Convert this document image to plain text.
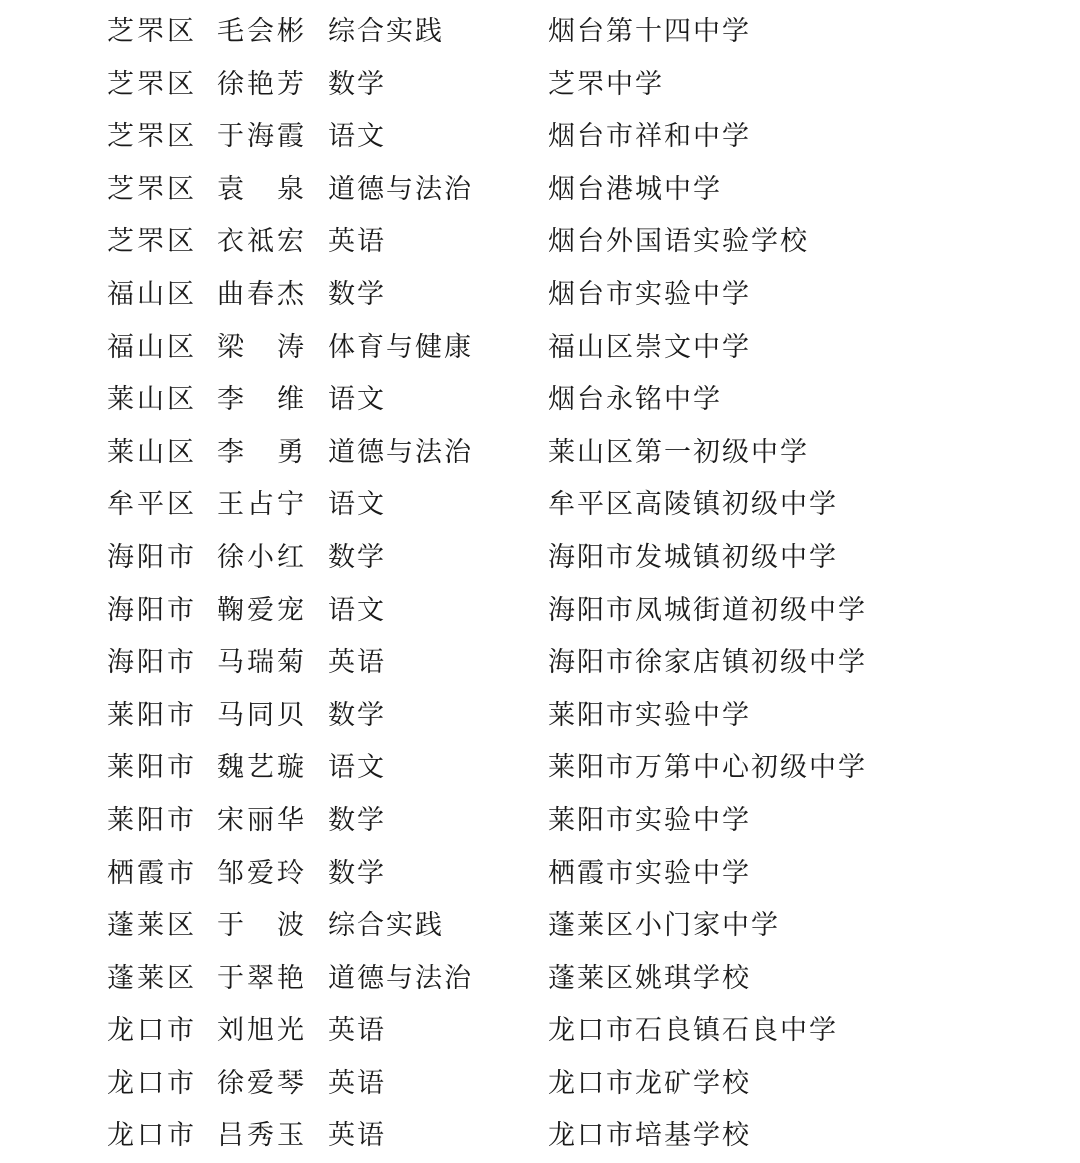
芝罘区 毛会彬 综合实践	烟台第十四中学
芝罘区 徐艳芳 数学	芝罘中学
芝罘区 于海霞 语文	烟台市祥和中学
芝罘区 袁　泉 道德与法治	烟台港城中学
芝罘区 衣祗宏 英语	烟台外国语实验学校
福山区 曲春杰 数学	烟台市实验中学
福山区 梁　涛 体育与健康	福山区崇文中学
莱山区 李　维 语文	烟台永铭中学
莱山区 李　勇 道德与法治	莱山区第一初级中学
牟平区 王占宁 语文	牟平区高陵镇初级中学
海阳市 徐小红 数学	海阳市发城镇初级中学
海阳市 鞠爱宠 语文	海阳市凤城街道初级中学
海阳市 马瑞菊 英语	海阳市徐家店镇初级中学
莱阳市 马同贝 数学	莱阳市实验中学
莱阳市 魏艺璇 语文	莱阳市万第中心初级中学
莱阳市 宋丽华 数学	莱阳市实验中学
栖霞市 邹爱玲 数学	栖霞市实验中学
蓬莱区 于　波 综合实践	蓬莱区小门家中学
蓬莱区 于翠艳 道德与法治	蓬莱区姚琪学校
龙口市 刘旭光 英语	龙口市石良镇石良中学
龙口市 徐爱琴 英语	龙口市龙矿学校
龙口市 吕秀玉 英语	龙口市培基学校
